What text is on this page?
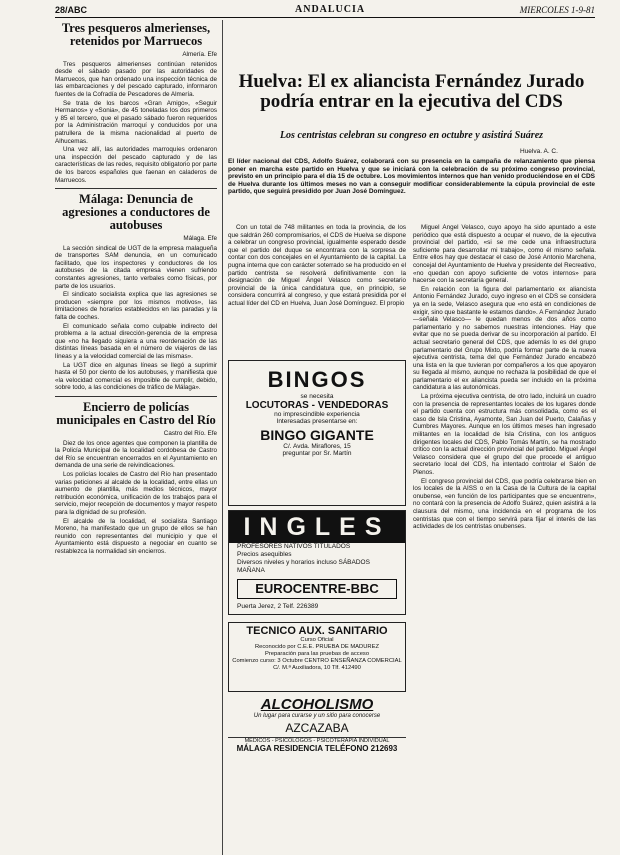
28/ABC	ANDALUCIA	MIERCOLES 1-9-81
Tres pesqueros almerienses, retenidos por Marruecos
Almería. Efe

Tres pesqueros almerienses continúan retenidos desde el sábado pasado por las autoridades de Marruecos, que han ordenado una inspección técnica de las embarcaciones y del pescado capturado, informaron fuentes de la Cofradía de Pescadores de Almería.

Se trata de los barcos «Gran Amigo», «Seguir Hermanos» y «Sonia», de 45 toneladas los dos primeros y 85 el tercero, que el pasado sábado fueron requeridos por la Administración marroquí y conducidos por una patrullera de la misma nacionalidad al puerto de Alhucemas.

Una vez allí, las autoridades marroquíes ordenaron una inspección del pescado capturado y de las características de las redes, requisito obligatorio por parte de los barcos españoles que faenan en caladeros de Marruecos.

Málaga: Denuncia de agresiones a conductores de autobuses
Málaga. Efe

La sección sindical de UGT de la empresa malagueña de transportes SAM denuncia, en un comunicado facilitado, que los inspectores y conductores de los autobuses de la citada empresa vienen sufriendo constantes agresiones, tanto verbales como físicas, por parte de los usuarios.

El sindicato socialista explica que las agresiones se producen «siempre por los mismos motivos», las limitaciones de horarios establecidos en las paradas y la falta de coches.

El comunicado señala como culpable indirecto del problema a la actual dirección-gerencia de la empresa que «no ha llegado siquiera a una reordenación de las distintas líneas basada en el número de viajeros de las líneas y a la velocidad comercial de las mismas».

La UGT dice en algunas líneas se llegó a suprimir hasta el 50 por ciento de los autobuses, y manifiesta que «la velocidad comercial es imposible de cumplir, debido, sobre todo, a las condiciones de tráfico de Málaga».

Encierro de policías municipales en Castro del Río
Castro del Río. Efe

Diez de los once agentes que componen la plantilla de la Policía Municipal de la localidad cordobesa de Castro del Río se encuentran encerrados en el Ayuntamiento en demanda de una serie de reivindicaciones.

Los policías locales de Castro del Río han presentado varias peticiones al alcalde de la localidad, entre ellas un aumento de plantilla, más medios técnicos, mayor retribución económica, unificación de los trabajos para el servicio, mejor recepción de documentos y mayor respeto para la dignidad de su profesión.

El alcalde de la localidad, el socialista Santiago Moreno, ha manifestado que un grupo de ellos se han reunido con representantes del municipio y que el Ayuntamiento está dispuesto a negociar en cuanto se restablezca la normalidad sin encierros.

Huelva: El ex aliancista Fernández Jurado podría entrar en la ejecutiva del CDS
Los centristas celebran su congreso en octubre y asistirá Suárez
Huelva. A. C.
El líder nacional del CDS, Adolfo Suárez, colaborará con su presencia en la campaña de relanzamiento que piensa poner en marcha este partido en Huelva y que se iniciará con la celebración de su próximo congreso provincial, previsto en un principio para el día 15 de octubre. Los movimientos internos que han venido produciéndose en el CDS de Huelva durante los últimos meses no van a conseguir modificar considerablemente la cúpula provincial de este partido, que seguirá presidido por Juan José Domínguez.

Con un total de 748 militantes en toda la provincia, de los que saldrán 260 compromisarios, el CDS de Huelva se dispone a celebrar un congreso provincial, igualmente esperado desde que el partido del duque se encontrara con la sorpresa de contar con dos concejales en el Ayuntamiento de la capital. La pugna interna que con carácter soterrado se ha producido en el partido centrista se resolverá definitivamente con la designación de Miguel Ángel Velasco como secretario provincial de la única candidatura que, en principio, se considera concurrirá al congreso, y que estará presidida por el actual líder del CD en Huelva, Juan José Domínguez. El propio

Miguel Ángel Velasco, cuyo apoyo ha sido apuntado a este periódico que está dispuesto a ocupar el nuevo, de la ejecutiva provincial del partido, «si se me cede una infraestructura suficiente para desarrollar mi trabajo», como él mismo señala. Entre ellos hay que destacar el caso de José Antonio Marchena, concejal del Ayuntamiento de Huelva y presidente del Recreativo, «no quedan con apoyo suficiente de votos internos» para hacerse con la secretaría general.

En relación con la figura del parlamentario ex aliancista Antonio Fernández Jurado, cuyo ingreso en el CDS se considera ya en la sede, Velasco asegura que «no está en condiciones de exigir, sino que bastante le estamos dando». A Fernández Jurado —señala Velasco— le quedan menos de dos años como parlamentario y no sabemos nuestras intenciones. Hay que evitar que no se pueda derivar de su incorporación al partido. El actual secretario general del CDS, que además lo es del grupo parlamentario del Grupo Mixto, podría formar parte de la nueva ejecutiva centrista, tema del que Fernández Jurado encabezó una lista en la que tuvieran por compañeros a los que apoyaron su llegada al mismo, aunque no rechaza la posibilidad de que el parlamentario el ex aliancista pueda ser incluido en la próxima candidatura a las autonómicas.

La próxima ejecutiva centrista, de otro lado, incluirá un cuadro con la presencia de representantes locales de los lugares donde el partido cuenta con estructura más consolidada, como es el caso de Isla Cristina, Ayamonte, San Juan del Puerto, Calañas y Cumbres Mayores. Aunque en los últimos meses han ingresado militantes en la localidad de Isla Cristina, con los antiguos dirigentes locales del CDS, Pablo Tomás Martín, se ha mostrado crítico con la actual dirección provincial del partido. Miguel Ángel Velasco considera que el grupo del que procede el antiguo secretario local del CDS, ha intentado controlar el Salón de Plenos.

El congreso provincial del CDS, que podría celebrarse bien en los locales de la AISS o en la Casa de la Cultura de la capital onubense, «en función de los participantes que se encuentren», no contará con la presencia de Adolfo Suárez, quien asistirá a la clausura del mismo, una incidencia en el programa de los centristas que con el tiempo servirá para fijar el interés de las actividades de los centristas onubenses.

BINGOS
se necesita
LOCUTORAS - VENDEDORAS
no imprescindible experiencia
Interesadas presentarse en:
BINGO GIGANTE
C/. Avda. Miraflores, 15
preguntar por Sr. Martín
INGLES
PROFESORES NATIVOS TITULADOS
Precios asequibles
Diversos niveles y horarios incluso SÁBADOS MAÑANA
EUROCENTRE-BBC
Puerta Jerez, 2 Telf. 226389
TECNICO AUX. SANITARIO
Curso Oficial
Reconocido por C.E.E. PRUEBA DE MADUREZ
Preparación para las pruebas de acceso
Comienzo curso: 3 Octubre CENTRO ENSEÑANZA COMERCIAL
C/. M.ª Auxiliadora, 10 Tlf. 412490
ALCOHOLISMO
Un lugar para curarse y un sitio para conocerse
AZCAZABA
MÉDICOS - PSICÓLOGOS - PSICOTERAPIA INDIVIDUAL
MÁLAGA RESIDENCIA TELÉFONO 212693
